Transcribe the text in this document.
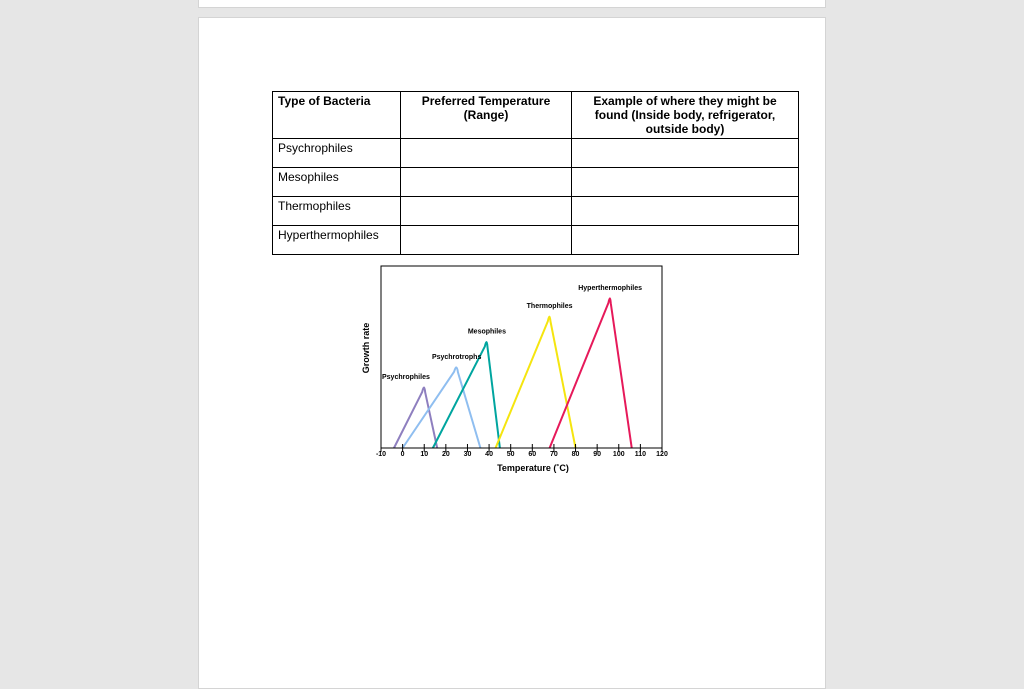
Type of Bacteria	Preferred Temperature (Range)	Example of where they might be found (Inside body, refrigerator, outside body)
Psychrophiles		
Mesophiles		
Thermophiles		
Hyperthermophiles		
Psychrophiles
Psychrotrophs
Mesophiles
Thermophiles
Hyperthermophiles
-10 0 10 20 30 40 50 60 70 80 90 100 110 120
Temperature (˚C)
Growth rate
